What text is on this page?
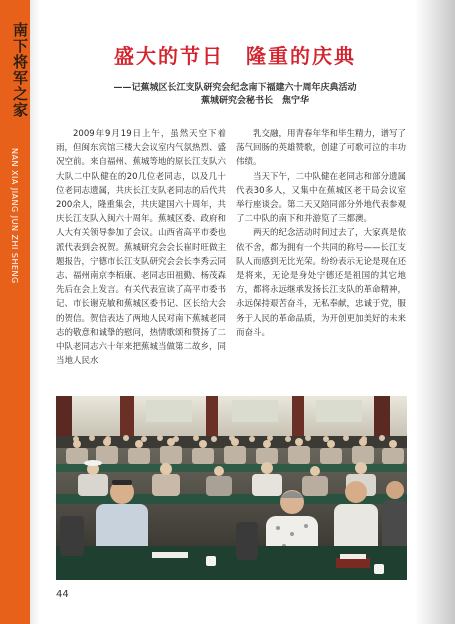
南下将军之家
NAN XIA JIANG JUN ZHI SHENG
盛大的节日　隆重的庆典
——记蕉城区长江支队研究会纪念南下福建六十周年庆典活动

蕉城研究会秘书长　焦宁华

2009年9月19日上午，虽然天空下着雨，但闽东宾馆三楼大会议室内气氛热烈、盛况空前。来自福州、蕉城等地的原长江支队六大队二中队健在的20几位老同志，以及几十位老同志遗属，共庆长江支队老同志的后代共200余人，隆重集会，共庆建国六十周年，共庆长江支队入闽六十周年。蕉城区委、政府和人大有关领导参加了会议。山西省高平市委也派代表到会祝贺。蕉城研究会会长崔时旺做主题报告，宁德市长江支队研究会会长李秀云同志、福州南京李栢康、老同志田祖勤、杨茂森先后在会上发言。有关代表宣读了高平市委书记、市长谢克敏和蕉城区委书记、区长给大会的贺信。贺信表达了两地人民对南下蕉城老同志的敬意和诚挚的慰问，热情歌颂和赞扬了二中队老同志六十年来把蕉城当做第二故乡，同当地人民水

乳交融，用青春年华和毕生精力，谱写了荡气回肠的英雄赞歌，创建了可歌可泣的丰功伟绩。

当天下午，二中队健在老同志和部分遗属代表30多人，又集中在蕉城区老干局会议室举行座谈会。第二天又陪同部分外地代表参观了二中队的南下和并游览了三都澳。

两天的纪念活动时间过去了，大家真是依依不舍，都为拥有一个共同的称号——长江支队人而感到无比光荣。纷纷表示无论是现在还是将来，无论是身处宁德还是祖国的其它地方，都将永远继承发扬长江支队的革命精神，永远保持艰苦奋斗，无私奉献，忠诚于党，服务于人民的革命品质，为开创更加美好的未来而奋斗。

44
